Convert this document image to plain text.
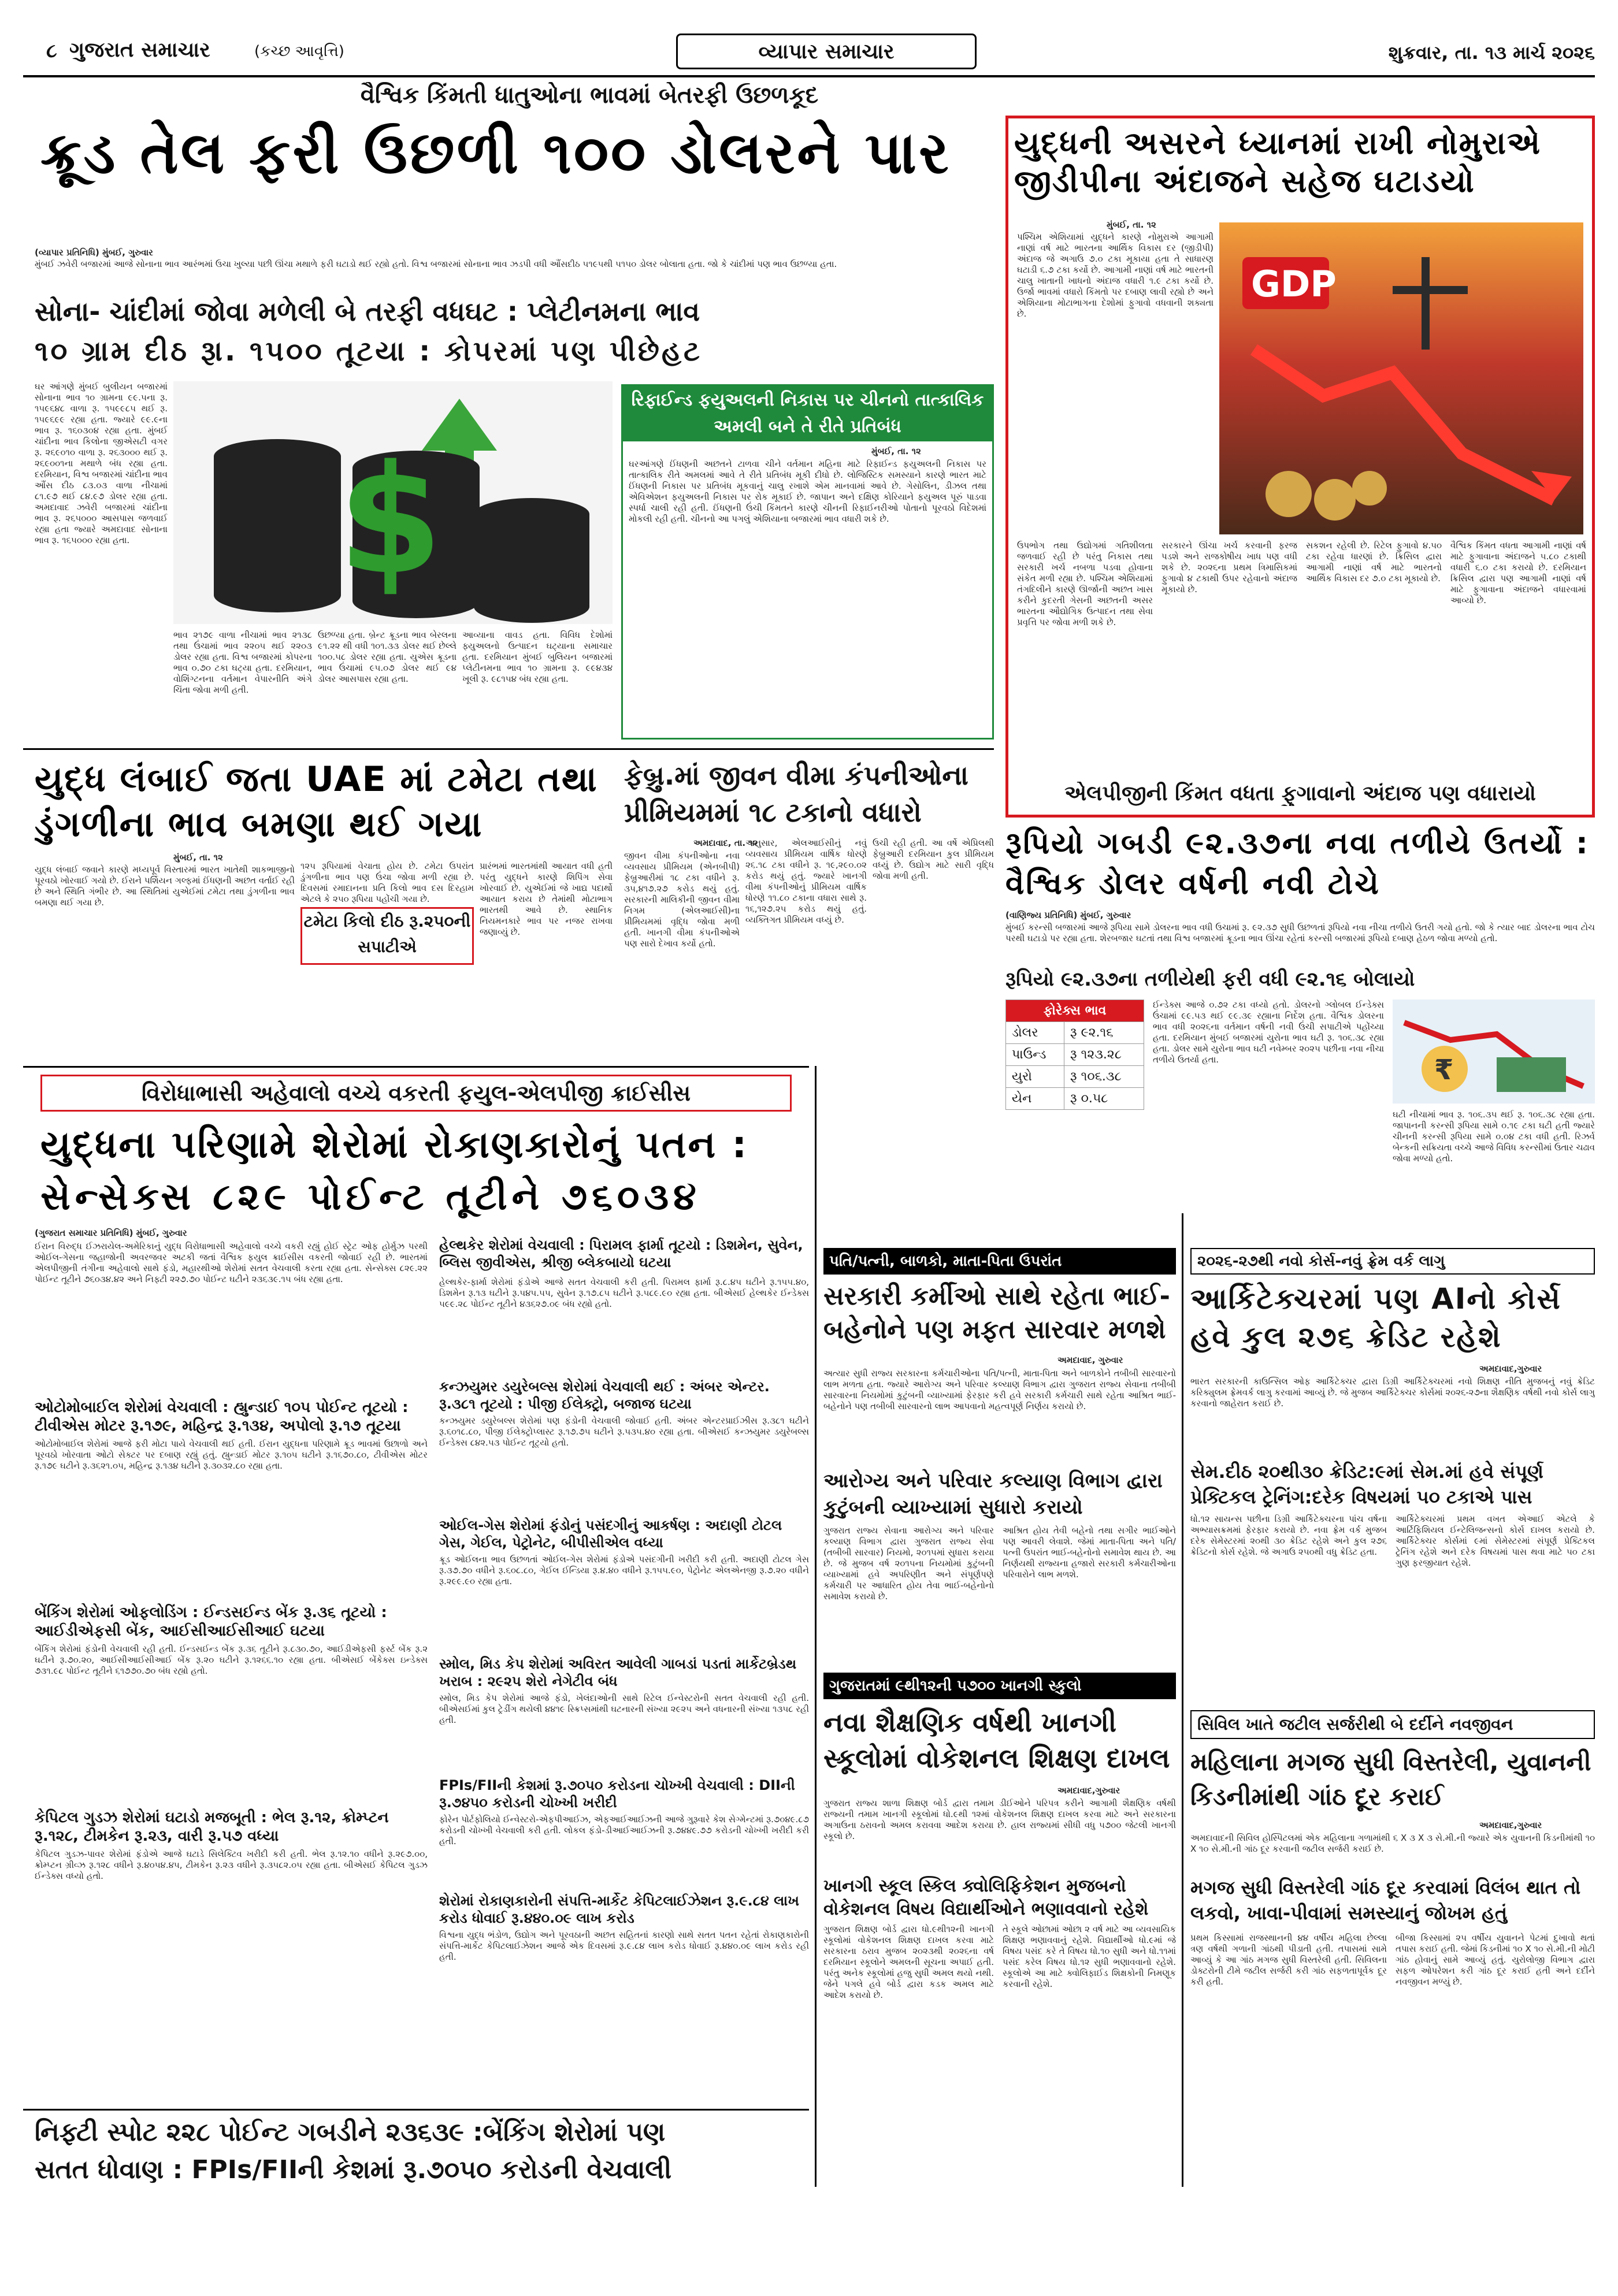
૮ ગુજરાત સમાચાર	(કચ્છ આવૃત્તિ)	વ્યાપાર સમાચાર	શુક્રવાર, તા. ૧૩ માર્ચ ૨૦૨૬
વૈશ્વિક કિંમતી ધાતુઓના ભાવમાં બેતરફી ઉછળકૂદ
ક્રૂડ તેલ ફરી ઉછળી ૧૦૦ ડોલરને પાર
(વ્યાપાર પ્રતિનિધિ) મુંબઈ, ગુરુવાર
મુંબઈ ઝવેરી બજારમાં આજે સોનાના ભાવ આરંભમાં ઉંચા ખુલ્યા પછી ઊંચા મથાળે ફરી ઘટાડો થઈ રહ્યો હતો. વિશ્વ બજારમાં સોનાના ભાવ ઝડપી વધી ઔંસદીઠ ૫૧૯૫થી ૫૧૫૦ ડોલર બોલાતા હતા. જો કે ચાંદીમાં પણ ભાવ ઉછળ્યા હતા.
સોના- ચાંદીમાં જોવા મળેલી બે તરફી વધઘટ : પ્લેટીનમના ભાવ
૧૦ ગ્રામ દીઠ રૂા. ૧૫૦૦ તૂટયા : કોપરમાં પણ પીછેહટ
ઘર આંગણે મુંબઈ બુલીયન બજારમાં સોનાના ભાવ ૧૦ ગ્રામના ૯૯.૫ના રૂ. ૧૫૯૬૪૮ વાળા રૂ. ૧૫૯૯૮૫ થઈ રૂ. ૧૫૯૬૯૯ રહ્યા હતા. જ્યારે ૯૯.૯ના ભાવ રૂ. ૧૬૦૩૦૪ રહ્યા હતા. મુંબઈ ચાંદીના ભાવ કિલોના જીએસટી વગર રૂ. ૨૬૯૦૧૦ વાળા રૂ. ૨૬૩૦૦૦ થઈ રૂ. ૨૬૯૦૦૧ના મથાળે બંધ રહ્યા હતા. દરમિયાન, વિશ્વ બજારમાં ચાંદીના ભાવ ઔંસ દીઠ ૮૩.૦૩ વાળા નીચામાં ૮૧.૯૭ થઈ ૮૪.૯૭ ડોલર રહ્યા હતા. અમદાવાદ ઝવેરી બજારમાં ચાંદીના ભાવ રૂ. ૨૬૫૦૦૦ આસપાસ જળવાઈ રહ્યા હતા જ્યારે અમદાવાદ સોનાના ભાવ રૂ. ૧૬૫૦૦૦ રહ્યા હતા. $
ભાવ ૨૧૭૯ વાળા નીચામાં ભાવ ૨૧૩૮ તથા ઉંચામાં ભાવ ૨૨૦૫ થઈ ૨૨૦૩ ડોલર રહ્યા હતા. વિશ્વ બજારમાં કોપરના ભાવ ૦.૭૦ ટકા ઘટ્યા હતા. દરમિયાન, વોશિંગ્ટનના વર્તમાન વેપારનીતિ અંગે ચિંતા જોવા મળી હતી.
ઉછળ્યા હતા. બ્રેન્ટ ક્રૂડના ભાવ બેરલના ૯૧.૨૨ થી વધી ૧૦૧.૩૩ ડોલર થઈ છેલ્લે ૧૦૦.૫૮ ડોલર રહ્યા હતા. યુએસ ક્રૂડના ભાવ ઉંચામાં ૯૫.૦૭ ડોલર થઈ ૯૪ ડોલર આસપાસ રહ્યા હતા.
આવ્યાના વાવડ હતા. વિવિધ દેશોમાં ફ્યુઅલનો ઉત્પાદન ઘટ્યાના સમાચાર હતા. દરમિયાન મુંબઈ બુલિયન બજારમાં પ્લેટીનમના ભાવ ૧૦ ગ્રામના રૂ. ૯૯૪૩૪ ખૂલી રૂ. ૯૮૧૫૪ બંધ રહ્યા હતા.
રિફાઈન્ડ ફયુઅલની નિકાસ પર ચીનનો તાત્કાલિક અમલી બને તે રીતે પ્રતિબંધ
મુંબઈ, તા. ૧૨
ઘરઆંગણે ઈંધણની અછતને ટાળવા ચીને વર્તમાન મહિના માટે રિફાઈન્ડ ફયુઅલની નિકાસ પર તાત્કાલિક રીતે અમલમાં આવે તે રીતે પ્રતિબંધ મૂકી દીધો છે. લોજિસ્ટિક સમસ્યાને કારણે ભારત માટે ઈંધણની નિકાસ પર પ્રતિબંધ મૂકવાનું ચાલુ રખાશે એમ માનવામાં આવે છે. ગેસોલિન, ડીઝલ તથા એવિએશન ફયુઅલની નિકાસ પર રોક મૂકાઈ છે. જાપાન અને દક્ષિણ કોરિયાને ફયુઅલ પૂરું પાડવા સ્પર્ધા ચાલી રહી હતી. ઈંધણની ઉંચી કિંમતને કારણે ચીનની રિફાઈનરીઓ પોતાનો પૂરવઠો વિદેશમાં મોકલી રહી હતી. ચીનનો આ પગલું એશિયાના બજારમાં ભાવ વધારી શકે છે.
યુદ્ધની અસરને ધ્યાનમાં રાખી નોમુરાએ જીડીપીના અંદાજને સહેજ ઘટાડયો
મુંબઈ, તા. ૧૨
પશ્ચિમ એશિયામાં યુદ્ધને કારણે નોમુરાએ આગામી નાણાં વર્ષ માટે ભારતના આર્થિક વિકાસ દર (જીડીપી) અંદાજ જે અગાઉ ૭.૦ ટકા મૂકાયા હતા તે સાધારણ ઘટાડી ૬.૭ ટકા કર્યો છે. આગામી નાણાં વર્ષ માટે ભારતની ચાલુ ખાતાની ખાધનો અંદાજ વધારી ૧.૯ ટકા કર્યો છે. ઉર્જા ભાવમાં વધારો કિંમતો પર દબાણ લાવી રહ્યો છે અને એશિયાના મોટાભાગના દેશોમાં ફુગાવો વધવાની શક્યતા છે.
GDP
ઉપભોગ તથા ઉદ્યોગમાં ગતિશીલતા જળવાઈ રહી છે પરંતુ નિકાસ તથા સરકારી ખર્ચ નબળા પડવા હોવાના સંકેત મળી રહ્યા છે. પશ્ચિમ એશિયામાં તંગદિલીને કારણે ઊર્જાની અછત ખાસ કરીને કુદરતી ગેસની અછતની અસર ભારતના ઔદ્યોગિક ઉત્પાદન તથા સેવા પ્રવૃત્તિ પર જોવા મળી શકે છે.
સરકારને ઊંચા ખર્ચ કરવાની ફરજ પડશે અને રાજકોષીય ખાધ પણ વધી શકે છે. ૨૦૨૬ના પ્રથમ ત્રિમાસિકમાં ફુગાવો ૪ ટકાથી ઉપર રહેવાનો અંદાજ મૂકાયો છે.
સકશન રહેલી છે. રિટેલ ફુગાવો ૪.૫૦ ટકા રહેવા ધારણાં છે. ક્રિસિલ દ્વારા આગામી નાણાં વર્ષ માટે ભારતનો આર્થિક વિકાસ દર ૭.૦ ટકા મૂકાયો છે.
વૈશ્વિક કિંમત વધતા આગામી નાણાં વર્ષ માટે ફુગાવાના અંદાજને ૫.૮૦ ટકાથી વધારી ૬.૦ ટકા કરાયો છે. દરમિયાન ક્રિસિલ દ્વારા પણ આગામી નાણાં વર્ષ માટે ફુગાવાના અંદાજને વધારવામાં આવ્યો છે.
એલપીજીની કિંમત વધતા ફુગાવાનો અંદાજ પણ વધારાયો
યુદ્ધ લંબાઈ જતા UAE માં ટમેટા તથા ડુંગળીના ભાવ બમણા થઈ ગયા
મુંબઈ, તા. ૧૨
યુદ્ધ લંબાઈ જવાને કારણે મધ્યપૂર્વ વિસ્તારમાં ભારત ખાતેથી શાકભાજીનો પૂરવઠો ખોરવાઈ ગયો છે. ઈરાને પર્શિયન ગલ્ફમાં ઈંધણની અછત વર્તાઈ રહી છે અને સ્થિતિ ગંભીર છે. આ સ્થિતિમાં યુએઈમાં ટમેટા તથા ડુંગળીના ભાવ બમણા થઈ ગયા છે.
ટમેટા કિલો દીઠ રૂ.૨૫૦ની સપાટીએ
૧૨૫ રૂપિયામાં વેચાતા હોય છે. ટમેટા ઉપરાંત ડુંગળીના ભાવ પણ ઉંચા જોવા મળી રહ્યા છે. દિવસમાં રમાદાનના પ્રતિ કિલો ભાવ દસ દિરહામ એટલે કે ૨૫૦ રૂપિયા પહોંચી ગયા છે.
પ્રારંભમાં ભારતમાંથી આયાત વધી હતી પરંતુ યુદ્ધને કારણે શિપિંગ સેવા ખોરવાઈ છે. યુએઈમાં જે ખાદ્ય પદાર્થો આયાત કરાય છે તેમાંથી મોટાભાગ ભારતથી આવે છે. સ્થાનિક નિયમનકારે ભાવ પર નજર રાખવા જણાવ્યું છે.
ફેબ્રુ.માં જીવન વીમા કંપનીઓના પ્રીમિયમમાં ૧૮ ટકાનો વધારો
અમદાવાદ, તા. ૧૨
જીવન વીમા કંપનીઓના નવા વ્યવસાય પ્રીમિયમ (એનબીપી) ફેબ્રુઆરીમાં ૧૮ ટકા વધીને રૂ. ૩૫,૪૧૭.૨૭ કરોડ થયું હતું. સરકારની માલિકીની જીવન વીમા નિગમ (એલઆઈસી)ના પ્રીમિયમમાં વૃદ્ધિ જોવા મળી હતી. ખાનગી વીમા કંપનીઓએ પણ સારો દેખાવ કર્યો હતો.
અનુસાર, એલઆઈસીનું નવું વ્યવસાય પ્રીમિયમ વાર્ષિક ધોરણે ૨૬.૧૮ ટકા વધીને રૂ. ૧૯,૨૯૦.૦૨ કરોડ થયું હતું. જ્યારે ખાનગી વીમા કંપનીઓનું પ્રીમિયમ વાર્ષિક ધોરણે ૧૧.૮૦ ટકાના વધારા સાથે રૂ. ૧૬,૧૨૭.૨૫ કરોડ થયું હતું. વ્યક્તિગત પ્રીમિયમ વધ્યું છે.
ઉંચી રહી હતી. આ વર્ષે એપ્રિલથી ફેબ્રુઆરી દરમિયાન કુલ પ્રીમિયમ વધ્યું છે. ઉદ્યોગ માટે સારી વૃદ્ધિ જોવા મળી હતી.
રૂપિયો ગબડી ૯૨.૩૭ના નવા તળીયે ઉતર્યો : વૈશ્વિક ડોલર વર્ષની નવી ટોચે
(વાણિજ્ય પ્રતિનિધિ) મુંબઈ, ગુરુવાર
મુંબઈ કરન્સી બજારમાં આજે રૂપિયા સામે ડોલરના ભાવ વધી ઉંચામાં રૂ. ૯૨.૩૭ સુધી ઉછળતાં રૂપિયો નવા નીચા તળીયે ઉતરી ગયો હતો. જો કે ત્યાર બાદ ડોલરના ભાવ ટોચ પરથી ઘટાડો પર રહ્યા હતા. શેરબજાર ઘટતાં તથા વિશ્વ બજારમાં ક્રૂડના ભાવ ઊંચા રહેતાં કરન્સી બજારમાં રૂપિયો દબાણ હેઠળ જોવા મળ્યો હતો.
રૂપિયો ૯૨.૩૭ના તળીયેથી ફરી વધી ૯૨.૧૬ બોલાયો
ફોરેક્સ ભાવ	
ડોલર	રૂ ૯૨.૧૬
પાઉન્ડ	રૂ ૧૨૩.૨૮
યુરો	રૂ ૧૦૬.૩૮
યેન	રૂ ૦.૫૮
ઈન્ડેક્સ આજે ૦.૭૨ ટકા વધ્યો હતો. ડોલરનો ગ્લોબલ ઈન્ડેક્સ ઉંચામાં ૯૯.૫૩ થઈ ૯૯.૩૯ રહ્યાના નિર્દેશ હતા. વૈશ્વિક ડોલરના ભાવ વધી ૨૦૨૬ના વર્તમાન વર્ષની નવી ઉંચી સપાટીએ પહોંચ્યા હતા. દરમિયાન મુંબઈ બજારમાં યુરોના ભાવ ઘટી રૂ. ૧૦૬.૩૮ રહ્યા હતા. ડોલર સામે યુરોના ભાવ ઘટી નવેમ્બર ૨૦૨૫ પછીના નવા નીચા તળીયે ઉતર્યા હતા.	₹
ઘટી નીચામાં ભાવ રૂ. ૧૦૬.૩૫ થઈ રૂ. ૧૦૬.૩૮ રહ્યા હતા. જાપાનની કરન્સી રૂપિયા સામે ૦.૧૯ ટકા ઘટી હતી જ્યારે ચીનની કરન્સી રૂપિયા સામે ૦.૦૪ ટકા વધી હતી. રિઝર્વ બેન્કની સક્રિયતા વચ્ચે આજે વિવિધ કરન્સીમાં ઉતાર ચઢાવ જોવા મળ્યો હતો.
વિરોધાભાસી અહેવાલો વચ્ચે વકરતી ફયુલ-એલપીજી ક્રાઈસીસ
યુદ્ધના પરિણામે શેરોમાં રોકાણકારોનું પતન :
સેન્સેક્સ ૮૨૯ પોઈન્ટ તૂટીને ૭૬૦૩૪
(ગુજરાત સમાચાર પ્રતિનિધિ) મુંબઈ, ગુરુવાર
ઈરાન વિરુદ્ધ ઈઝરાયેલ-અમેરિકાનું યુદ્ધ વિરોધાભાસી અહેવાલો વચ્ચે વકરી રહ્યું હોઈ સ્ટ્રેટ ઓફ હોર્મુઝ પરથી ઓઈલ-ગેસના જહાજોની અવરજવર અટકી જતાં વૈશ્વિક ફયુલ ક્રાઈસીસ વકરતી જોવાઈ રહી છે. ભારતમાં એલપીજીની તંગીના અહેવાલો સાથે ફંડો, મહારથીઓ શેરોમાં સતત વેચવાલી કરતા રહ્યા હતા. સેન્સેક્સ ૮૨૯.૨૨ પોઈન્ટ તૂટીને ૭૬૦૩૪.૪૨ અને નિફ્ટી ૨૨૭.૭૦ પોઈન્ટ ઘટીને ૨૩૬૩૯.૧૫ બંધ રહ્યા હતા.
ઓટોમોબાઈલ શેરોમાં વેચવાલી : હ્યુન્ડાઈ ૧૦૫ પોઈન્ટ તૂટયો : ટીવીએસ મોટર રૂ.૧૭૯, મહિન્દ્ર રૂ.૧૩૪, અપોલો રૂ.૧૭ તૂટયા
ઓટોમોબાઈલ શેરોમાં આજે ફરી મોટા પાયે વેચવાલી થઈ હતી. ઈરાન યુદ્ધના પરિણામે ક્રૂડ ભાવમાં ઉછાળો અને પૂરવઠો ખોરવાતા ઓટો સેક્ટર પર દબાણ રહ્યું હતું. હ્યુન્ડાઈ મોટર રૂ.૧૦૫ ઘટીને રૂ.૧૬૭૦.૮૦, ટીવીએસ મોટર રૂ.૧૭૯ ઘટીને રૂ.૩૬૨૧.૦૫, મહિન્દ્ર રૂ.૧૩૪ ઘટીને રૂ.૩૦૩૨.૮૦ રહ્યા હતા.
બેંકિંગ શેરોમાં ઓફલોડિંગ : ઈન્ડસઈન્ડ બેંક રૂ.૩૬ તૂટયો : આઈડીએફસી બેંક, આઈસીઆઈસીઆઈ ઘટયા
બેંકિંગ શેરોમાં ફંડોની વેચવાલી રહી હતી. ઈન્ડસઈન્ડ બેંક રૂ.૩૬ તૂટીને રૂ.૮૩૦.૭૦, આઈડીએફસી ફર્સ્ટ બેંક રૂ.૨ ઘટીને રૂ.૭૦.૨૦, આઈસીઆઈસીઆઈ બેંક રૂ.૨૦ ઘટીને રૂ.૧૨૬૬.૧૦ રહ્યા હતા. બીએસઈ બેંકેક્સ ઇન્ડેક્સ ૭૩૧.૯૮ પોઈન્ટ તૂટીને ૬૧૭૭૦.૭૦ બંધ રહ્યો હતો.
કેપિટલ ગુડઝ શેરોમાં ઘટાડો મજબૂતી : ભેલ રૂ.૧૨, ક્રોમ્પ્ટન રૂ.૧૨૮, ટીમકેન રૂ.૨૩, વારી રૂ.૫૭ વધ્યા
કેપિટલ ગુડઝ-પાવર શેરોમાં ફંડોએ આજે ઘટાડે સિલેક્ટિવ ખરીદી કરી હતી. ભેલ રૂ.૧૨.૧૦ વધીને રૂ.૨૯૭.૦૦, ક્રોમ્પ્ટન ગ્રીવ્ઝ રૂ.૧૨૮ વધીને રૂ.૪૦૫૪.૪૫, ટીમકેન રૂ.૨૩ વધીને રૂ.૩૫૮૨.૦૫ રહ્યા હતા. બીએસઈ કેપિટલ ગુડઝ ઈન્ડેક્સ વધ્યો હતો.
હેલ્થકેર શેરોમાં વેચવાલી : પિરામલ ફાર્મા તૂટયો : ડિશમેન, સુવેન, બ્લિસ જીવીએસ, શ્રીજી બ્લેકબાયો ઘટયા
હેલ્થકેર-ફાર્મા શેરોમાં ફંડોએ આજે સતત વેચવાલી કરી હતી. પિરામલ ફાર્મા રૂ.૮.૪૫ ઘટીને રૂ.૧૫૫.૪૦, ડિશમેન રૂ.૧૩ ઘટીને રૂ.૫૪૫.૫૫, સુવેન રૂ.૧૭.૮૫ ઘટીને રૂ.૫૮૯.૯૦ રહ્યા હતા. બીએસઈ હેલ્થકેર ઈન્ડેક્સ ૫૯૯.૨૮ પોઈન્ટ તૂટીને ૪૩૬૨૭.૦૯ બંધ રહ્યો હતો.
કન્ઝયુમર ડયુરેબલ્સ શેરોમાં વેચવાલી થઈ : અંબર એન્ટર. રૂ.૩૮૧ તૂટયો : પીજી ઈલેક્ટ્રો, બજાજ ઘટયા
કન્ઝયુમર ડયુરેબલ્સ શેરોમાં પણ ફંડોની વેચવાલી જોવાઈ હતી. અંબર એન્ટરપ્રાઈઝીસ રૂ.૩૮૧ ઘટીને રૂ.૬૦૧૮.૮૦, પીજી ઈલેક્ટ્રોપ્લાસ્ટ રૂ.૧૭.૭૫ ઘટીને રૂ.૫૩૫.૪૦ રહ્યા હતા. બીએસઈ કન્ઝયુમર ડયુરેબલ્સ ઈન્ડેક્સ ૮૪૨.૫૩ પોઈન્ટ તૂટ્યો હતો.
ઓઈલ-ગેસ શેરોમાં ફંડોનું પસંદગીનું આકર્ષણ : અદાણી ટોટલ ગેસ, ગેઈલ, પેટ્રોનેટ, બીપીસીએલ વધ્યા
ક્રૂડ ઓઈલના ભાવ ઉછળતાં ઓઈલ-ગેસ શેરોમાં ફંડોએ પસંદગીની ખરીદી કરી હતી. અદાણી ટોટલ ગેસ રૂ.૩૭.૭૦ વધીને રૂ.૬૦૮.૮૦, ગેઈલ ઈન્ડિયા રૂ.૪.૪૦ વધીને રૂ.૧૫૫.૯૦, પેટ્રોનેટ એલએનજી રૂ.૭.૨૦ વધીને રૂ.૨૯૯.૯૦ રહ્યા હતા.
સ્મોલ, મિડ કેપ શેરોમાં અવિરત આવેલી ગાબડાં પડતાં માર્કેટબ્રેડથ ખરાબ : ૨૯૨૫ શેરો નેગેટીવ બંધ
સ્મોલ, મિડ કેપ શેરોમાં આજે ફંડો, ખેલંદાઓની સાથે રિટેલ ઈન્વેસ્ટરોની સતત વેચવાલી રહી હતી. બીએસઈમાં કુલ ટ્રેડીંગ થયેલી ૪૪૧૯ સ્ક્રિપ્સમાંથી ઘટનારની સંખ્યા ૨૯૨૫ અને વધનારની સંખ્યા ૧૩૫૮ રહી હતી.
FPIs/FIIની કેશમાં રૂ.૭૦૫૦ કરોડના ચોખ્ખી વેચવાલી : DIIની રૂ.૭૪૫૦ કરોડની ચોખ્ખી ખરીદી
ફોરેન પોર્ટફોલિયો ઈન્વેસ્ટરો-એફપીઆઈઝ, એફઆઈઆઈઝની આજે ગુરૂવારે કેશ સેગ્મેન્ટમાં રૂ.૭૦૪૯.૮૭ કરોડની ચોખ્ખી વેચવાલી કરી હતી. લોકલ ફંડો-ડીઆઈઆઈઝની રૂ.૭૪૪૯.૭૭ કરોડની ચોખ્ખી ખરીદી કરી હતી.
શેરોમાં રોકાણકારોની સંપત્તિ-માર્કેટ કેપિટલાઈઝેશન રૂ.૯.૮૪ લાખ કરોડ ધોવાઈ રૂ.૪૪૦.૦૯ લાખ કરોડ
વિશ્વના યુદ્ધ ભંડોળ, ઉદ્યોગ અને પૂરવઠાની અછત સહિતનાં કારણો સાથે સતત પતન રહેતાં રોકાણકારોની સંપત્તિ-માર્કેટ કેપિટલાઈઝેશન આજે એક દિવસમાં રૂ.૯.૮૪ લાખ કરોડ ધોવાઈ રૂ.૪૪૦.૦૯ લાખ કરોડ રહી હતી.
નિફ્ટી સ્પોટ ૨૨૮ પોઈન્ટ ગબડીને ૨૩૬૩૯ :બેંકિંગ શેરોમાં પણ
સતત ધોવાણ : FPIs/FIIની કેશમાં રૂ.૭૦૫૦ કરોડની વેચવાલી
પતિ/પત્ની, બાળકો, માતા-પિતા ઉપરાંત
સરકારી કર્મીઓ સાથે રહેતા ભાઈ-બહેનોને પણ મફત સારવાર મળશે
અમદાવાદ, ગુરુવાર
અત્યાર સુધી રાજ્ય સરકારના કર્મચારીઓના પતિ/પત્ની, માતા-પિતા અને બાળકોને તબીબી સારવારનો લાભ મળતા હતા. જ્યારે આરોગ્ય અને પરિવાર કલ્યાણ વિભાગ દ્વારા ગુજરાત રાજ્ય સેવાના તબીબી સારવારના નિયમોમાં કુટુંબની વ્યાખ્યામાં ફેરફાર કરી હવે સરકારી કર્મચારી સાથે રહેતા આશ્રિત ભાઈ-બહેનોને પણ તબીબી સારવારનો લાભ આપવાનો મહત્વપૂર્ણ નિર્ણય કરાયો છે.
આરોગ્ય અને પરિવાર કલ્યાણ વિભાગ દ્વારા કુટુંબની વ્યાખ્યામાં સુધારો કરાયો
ગુજરાત રાજ્ય સેવાના આરોગ્ય અને પરિવાર કલ્યાણ વિભાગ દ્વારા ગુજરાત રાજ્ય સેવા (તબીબી સારવાર) નિયમો, ૨૦૧૫માં સુધારા કરાયા છે. જે મુજબ વર્ષ ૨૦૧૫ના નિયમોમાં કુટુંબની વ્યાખ્યામાં હવે અપરિણીત અને સંપૂર્ણપણે કર્મચારી પર આધારિત હોય તેવા ભાઈ-બહેનોનો સમાવેશ કરાયો છે.
આશ્રિત હોય તેવી બહેનો તથા સગીર ભાઈઓને પણ આવરી લેવાશે. જેમાં માતા-પિતા અને પતિ/પત્ની ઉપરાંત ભાઈ-બહેનોનો સમાવેશ થાય છે. આ નિર્ણયથી રાજ્યના હજારો સરકારી કર્મચારીઓના પરિવારોને લાભ મળશે.
ગુજરાતમાં ૯થી૧૨ની ૫૭૦૦ ખાનગી સ્કુલો
નવા શૈક્ષણિક વર્ષથી ખાનગી સ્કૂલોમાં વોકેશનલ શિક્ષણ દાખલ
અમદાવાદ,ગુરુવાર
ગુજરાત રાજ્ય શાળા શિક્ષણ બોર્ડ દ્વારા તમામ ડીઈઓને પરિપત્ર કરીને આગામી શૈક્ષણિક વર્ષથી રાજ્યની તમામ ખાનગી સ્કૂલોમાં ધો.૯થી ૧૨માં વોકેશનલ શિક્ષણ દાખલ કરવા માટે અને સરકારના અગાઉના ઠરાવનો અમલ કરાવવા આદેશ કરાયા છે. હાલ રાજ્યમાં સીધી વધુ ૫૭૦૦ જેટલી ખાનગી સ્કૂલો છે.
ખાનગી સ્કૂલ સ્કિલ ક્વોલિફિકેશન મુજબનો વોકેશનલ વિષય વિદ્યાર્થીઓને ભણાવવાનો રહેશે
ગુજરાત શિક્ષણ બોર્ડ દ્વારા ધો.૯થી૧૨ની ખાનગી સ્કૂલોમાં વોકેશનલ શિક્ષણ દાખલ કરવા માટે સરકારના ઠરાવ મુજબ ૨૦૨૩થી ૨૦૨૬ના વર્ષ દરમિયાન સ્કૂલોને અમલની સૂચના અપાઈ હતી. પરંતુ અનેક સ્કૂલોમાં હજુ સુધી અમલ થયો નથી. જેને પગલે હવે બોર્ડ દ્વારા કડક અમલ માટે આદેશ કરાયો છે.
તે સ્કૂલે ઓછામાં ઓછા ૨ વર્ષ માટે આ વ્યવસાયિક શિક્ષણ ભણાવવાનું રહેશે. વિદ્યાર્થીઓ ધો.૯માં જે વિષય પસંદ કરે તે વિષય ધો.૧૦ સુધી અને ધો.૧૧માં પસંદ કરેલ વિષય ધો.૧૨ સુધી ભણાવવાનો રહેશે. સ્કૂલોએ આ માટે ક્વોલિફાઈડ શિક્ષકોની નિમણૂક કરવાની રહેશે.
૨૦૨૬-૨૭થી નવો કોર્સ-નવું ફ્રેમ વર્ક લાગુ
આર્કિટેક્ચરમાં પણ AIનો કોર્સ હવે કુલ ૨૭૬ ક્રેડિટ રહેશે
અમદાવાદ,ગુરુવાર
ભારત સરકારની કાઉન્સિલ ઓફ આર્કિટેક્ચર દ્વારા ડિગ્રી આર્કિટેક્ચરમાં નવો શિક્ષણ નીતિ મુજબનું નવું ક્રેડિટ કરિક્યુલમ ફ્રેમવર્ક લાગુ કરવામાં આવ્યું છે. જે મુજબ આર્કિટેક્ચર કોર્સમાં ૨૦૨૬-૨૭ના શૈક્ષણિક વર્ષથી નવો કોર્સ લાગુ કરવાનો જાહેરાત કરાઈ છે.
સેમ.દીઠ ૨૦થી૩૦ ક્રેડિટ:૯માં સેમ.માં હવે સંપૂર્ણ પ્રેક્ટિકલ ટ્રેનિંગ:દરેક વિષયમાં ૫૦ ટકાએ પાસ
ધો.૧૨ સાયન્સ પછીના ડિગ્રી આર્કિટેક્ચરના પાંચ વર્ષના અભ્યાસક્રમમાં ફેરફાર કરાયો છે. નવા ફ્રેમ વર્ક મુજબ દરેક સેમેસ્ટરમાં ૨૦થી ૩૦ ક્રેડિટ રહેશે અને કુલ ૨૭૬ ક્રેડિટનો કોર્સ રહેશે. જે અગાઉ ૨૫૦થી વધુ ક્રેડિટ હતા.
આર્કિટેક્ચરમાં પ્રથમ વખત એઆઈ એટલે કે આર્ટિફિશિયલ ઈન્ટેલિજન્સનો કોર્સ દાખલ કરાયો છે. આર્કિટેક્ચર કોર્સમાં ૯માં સેમેસ્ટરમાં સંપૂર્ણ પ્રેક્ટિકલ ટ્રેનિંગ રહેશે અને દરેક વિષયમાં પાસ થવા માટે ૫૦ ટકા ગુણ ફરજીયાત રહેશે.
સિવિલ ખાતે જટીલ સર્જરીથી બે દર્દીને નવજીવન
મહિલાના મગજ સુધી વિસ્તરેલી, યુવાનની કિડનીમાંથી ગાંઠ દૂર કરાઈ
અમદાવાદ,ગુરુવાર
અમદાવાદની સિવિલ હોસ્પિટલમાં એક મહિલાના ગળામાંથી ૬ X ૩ X ૩ સે.મી.ની જ્યારે એક યુવાનની કિડનીમાંથી ૧૦ X ૧૦ સે.મી.ની ગાંઠ દૂર કરવાની જટીલ સર્જરી કરાઈ છે.
મગજ સુધી વિસ્તરેલી ગાંઠ દૂર કરવામાં વિલંબ થાત તો લકવો, ખાવા-પીવામાં સમસ્યાનું જોખમ હતું
પ્રથમ કિસ્સામાં રાજસ્થાનની ૪૪ વર્ષીય મહિલા છેલ્લા ત્રણ વર્ષથી ગળાની ગાંઠથી પીડાતી હતી. તપાસમાં સામે આવ્યું કે આ ગાંઠ મગજ સુધી વિસ્તરેલી હતી. સિવિલના ડોક્ટરોની ટીમે જટીલ સર્જરી કરી ગાંઠ સફળતાપૂર્વક દૂર કરી હતી.
બીજા કિસ્સામાં ૨૫ વર્ષીય યુવાનને પેટમાં દુખાવો થતાં તપાસ કરાઈ હતી. જેમાં કિડનીમાં ૧૦ X ૧૦ સે.મી.ની મોટી ગાંઠ હોવાનું સામે આવ્યું હતું. યુરોલોજી વિભાગ દ્વારા સફળ ઓપરેશન કરી ગાંઠ દૂર કરાઈ હતી અને દર્દીને નવજીવન મળ્યું છે.
